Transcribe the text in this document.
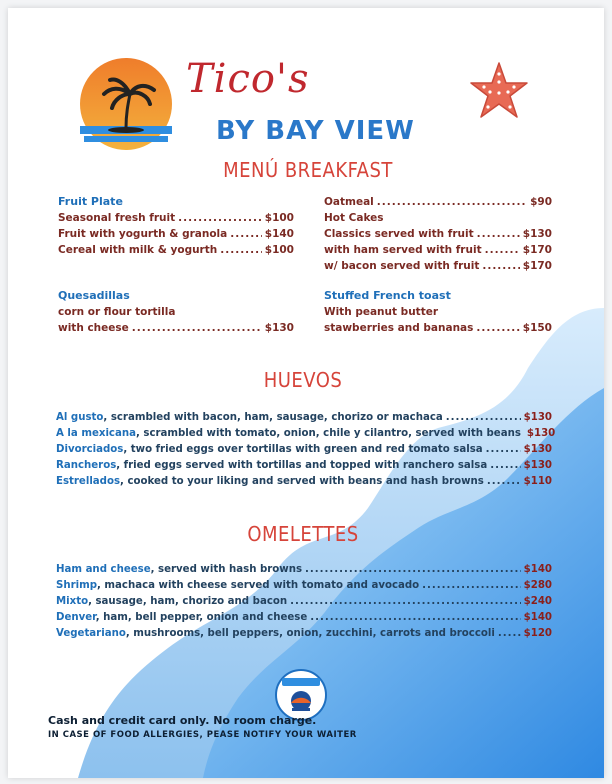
Tico's
BY BAY VIEW
MENÚ BREAKFAST
Fruit Plate
Seasonal fresh fruit .....	$100
Fruit with yogurth & granola .....	$140
Cereal with milk & yogurth .....	$100
Quesadillas
corn or flour tortilla
with cheese .....	$130
Oatmeal .....	$90
Hot Cakes
Classics served with fruit .....	$130
with ham served with fruit .....	$170
w/ bacon served with fruit .....	$170
Stuffed French toast
With peanut butter
stawberries and bananas .....	$150
HUEVOS
Al gusto, scrambled with bacon, ham, sausage, chorizo or machaca .....	$130
A la mexicana, scrambled with tomato, onion, chile y cilantro, served with beans $130
Divorciados, two fried eggs over tortillas with green and red tomato salsa .....	$130
Rancheros, fried eggs served with tortillas and topped with ranchero salsa .....	$130
Estrellados, cooked to your liking and served with beans and hash browns .....	$110
OMELETTES
Ham and cheese, served with hash browns .....	$140
Shrimp, machaca with cheese served with tomato and avocado .....	$280
Mixto, sausage, ham, chorizo and bacon .....	$240
Denver, ham, bell pepper, onion and cheese .....	$140
Vegetariano, mushrooms, bell peppers, onion, zucchini, carrots and broccoli .....	$120
Cash and credit card only. No room charge.
IN CASE OF FOOD ALLERGIES, PEASE NOTIFY YOUR WAITER
